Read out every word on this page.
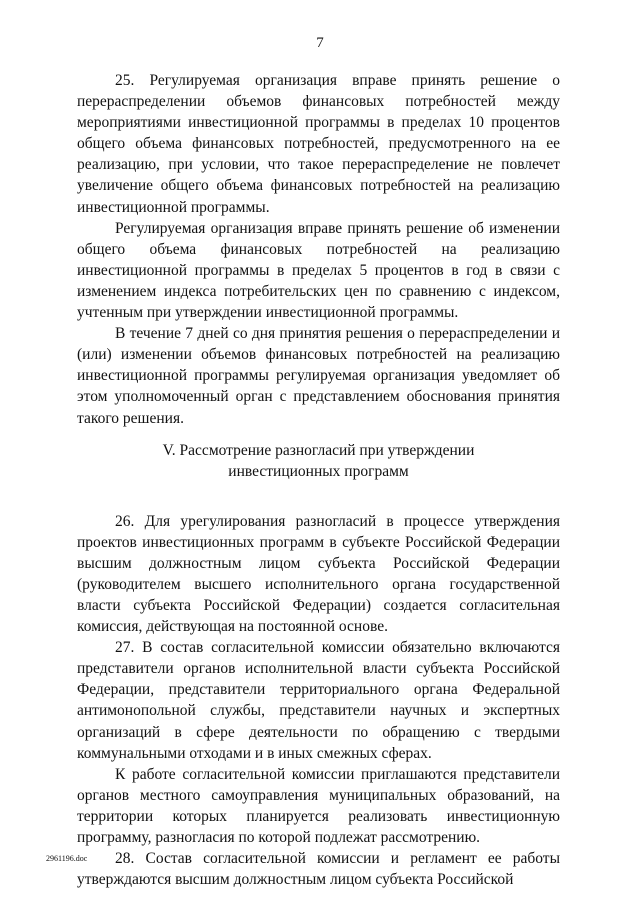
7

25. Регулируемая организация вправе принять решение о перераспределении объемов финансовых потребностей между мероприятиями инвестиционной программы в пределах 10 процентов общего объема финансовых потребностей, предусмотренного на ее реализацию, при условии, что такое перераспределение не повлечет увеличение общего объема финансовых потребностей на реализацию инвестиционной программы.

Регулируемая организация вправе принять решение об изменении общего объема финансовых потребностей на реализацию инвестиционной программы в пределах 5 процентов в год в связи с изменением индекса потребительских цен по сравнению с индексом, учтенным при утверждении инвестиционной программы.

В течение 7 дней со дня принятия решения о перераспределении и (или) изменении объемов финансовых потребностей на реализацию инвестиционной программы регулируемая организация уведомляет об этом уполномоченный орган с представлением обоснования принятия такого решения.

V. Рассмотрение разногласий при утверждении
инвестиционных программ

26. Для урегулирования разногласий в процессе утверждения проектов инвестиционных программ в субъекте Российской Федерации высшим должностным лицом субъекта Российской Федерации (руководителем высшего исполнительного органа государственной власти субъекта Российской Федерации) создается согласительная комиссия, действующая на постоянной основе.

27. В состав согласительной комиссии обязательно включаются представители органов исполнительной власти субъекта Российской Федерации, представители территориального органа Федеральной антимонопольной службы, представители научных и экспертных организаций в сфере деятельности по обращению с твердыми коммунальными отходами и в иных смежных сферах.

К работе согласительной комиссии приглашаются представители органов местного самоуправления муниципальных образований, на территории которых планируется реализовать инвестиционную программу, разногласия по которой подлежат рассмотрению.

28. Состав согласительной комиссии и регламент ее работы утверждаются высшим должностным лицом субъекта Российской

2961196.doc
